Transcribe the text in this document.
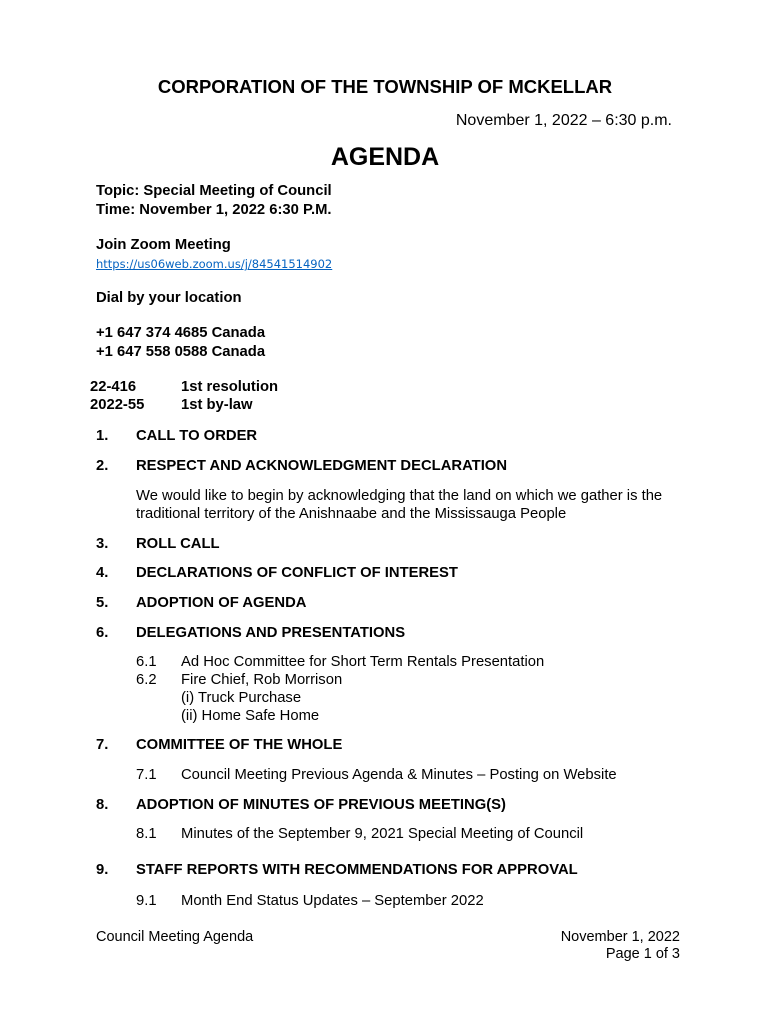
CORPORATION OF THE TOWNSHIP OF MCKELLAR
November 1, 2022 – 6:30 p.m.
AGENDA
Topic: Special Meeting of Council
Time: November 1, 2022 6:30 P.M.
Join Zoom Meeting
https://us06web.zoom.us/j/84541514902
Dial by your location
+1 647 374 4685 Canada
+1 647 558 0588 Canada
22-416	1st resolution
2022-55 1st by-law
1. CALL TO ORDER
2. RESPECT AND ACKNOWLEDGMENT DECLARATION
We would like to begin by acknowledging that the land on which we gather is the
traditional territory of the Anishnaabe and the Mississauga People
3. ROLL CALL
4. DECLARATIONS OF CONFLICT OF INTEREST
5. ADOPTION OF AGENDA
6. DELEGATIONS AND PRESENTATIONS
6.1 Ad Hoc Committee for Short Term Rentals Presentation
6.2 Fire Chief, Rob Morrison
(i) Truck Purchase
(ii) Home Safe Home
7. COMMITTEE OF THE WHOLE
7.1 Council Meeting Previous Agenda & Minutes – Posting on Website
8. ADOPTION OF MINUTES OF PREVIOUS MEETING(S)
8.1 Minutes of the September 9, 2021 Special Meeting of Council
9. STAFF REPORTS WITH RECOMMENDATIONS FOR APPROVAL
9.1 Month End Status Updates – September 2022
Council Meeting Agenda	November 1, 2022
Page 1 of 3
